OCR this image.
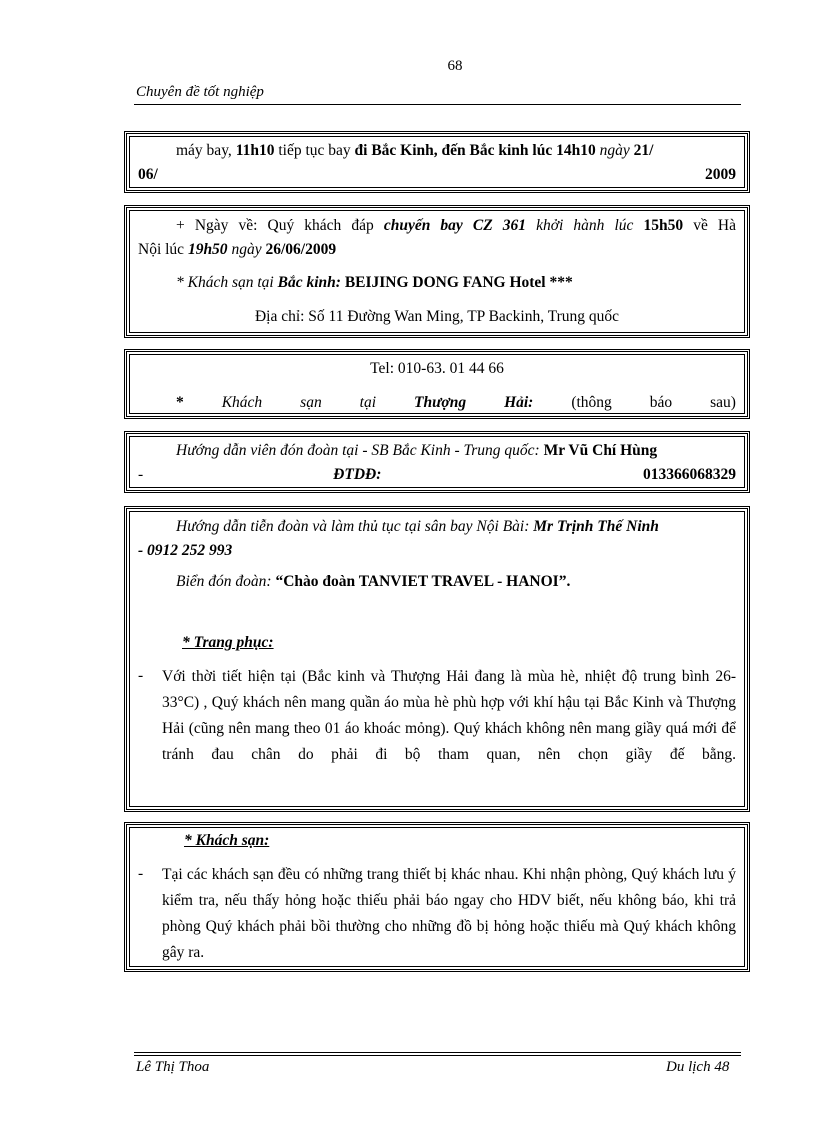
68
Chuyên đề tốt nghiệp

máy bay, 11h10 tiếp tục bay đi Bắc Kinh, đến Bắc kinh lúc 14h10 ngày 21/

06/	2009

+ Ngày về: Quý khách đáp chuyến bay CZ 361 khởi hành lúc 15h50 về Hà

Nội lúc 19h50 ngày 26/06/2009

* Khách sạn tại Bắc kinh: BEIJING DONG FANG Hotel ***

Địa chỉ: Số 11 Đường Wan Ming, TP Backinh, Trung quốc

Tel: 010-63. 01 44 66

* Khách sạn tại Thượng Hải: (thông báo sau)

Hướng dẫn viên đón đoàn tại - SB Bắc Kinh - Trung quốc: Mr Vũ Chí Hùng

-	ĐTDĐ:	013366068329

Hướng dẫn tiễn đoàn và làm thủ tục tại sân bay Nội Bài: Mr Trịnh Thế Ninh

- 0912 252 993

Biển đón đoàn: “Chào đoàn TANVIET TRAVEL - HANOI”.

* Trang phục:

-	Với thời tiết hiện tại (Bắc kinh và Thượng Hải đang là mùa hè, nhiệt độ trung bình 26- 33°C) , Quý khách nên mang quần áo mùa hè phù hợp với khí hậu tại Bắc Kinh và Thượng Hải (cũng nên mang theo 01 áo khoác mỏng). Quý khách không nên mang giầy quá mới để tránh đau chân do phải đi bộ tham quan, nên chọn giầy đế bằng.

* Khách sạn:

-	Tại các khách sạn đều có những trang thiết bị khác nhau. Khi nhận phòng, Quý khách lưu ý kiểm tra, nếu thấy hỏng hoặc thiếu phải báo ngay cho HDV biết, nếu không báo, khi trả phòng Quý khách phải bồi thường cho những đồ bị hỏng hoặc thiếu mà Quý khách không gây ra.
Lê Thị Thoa	Du lịch 48
